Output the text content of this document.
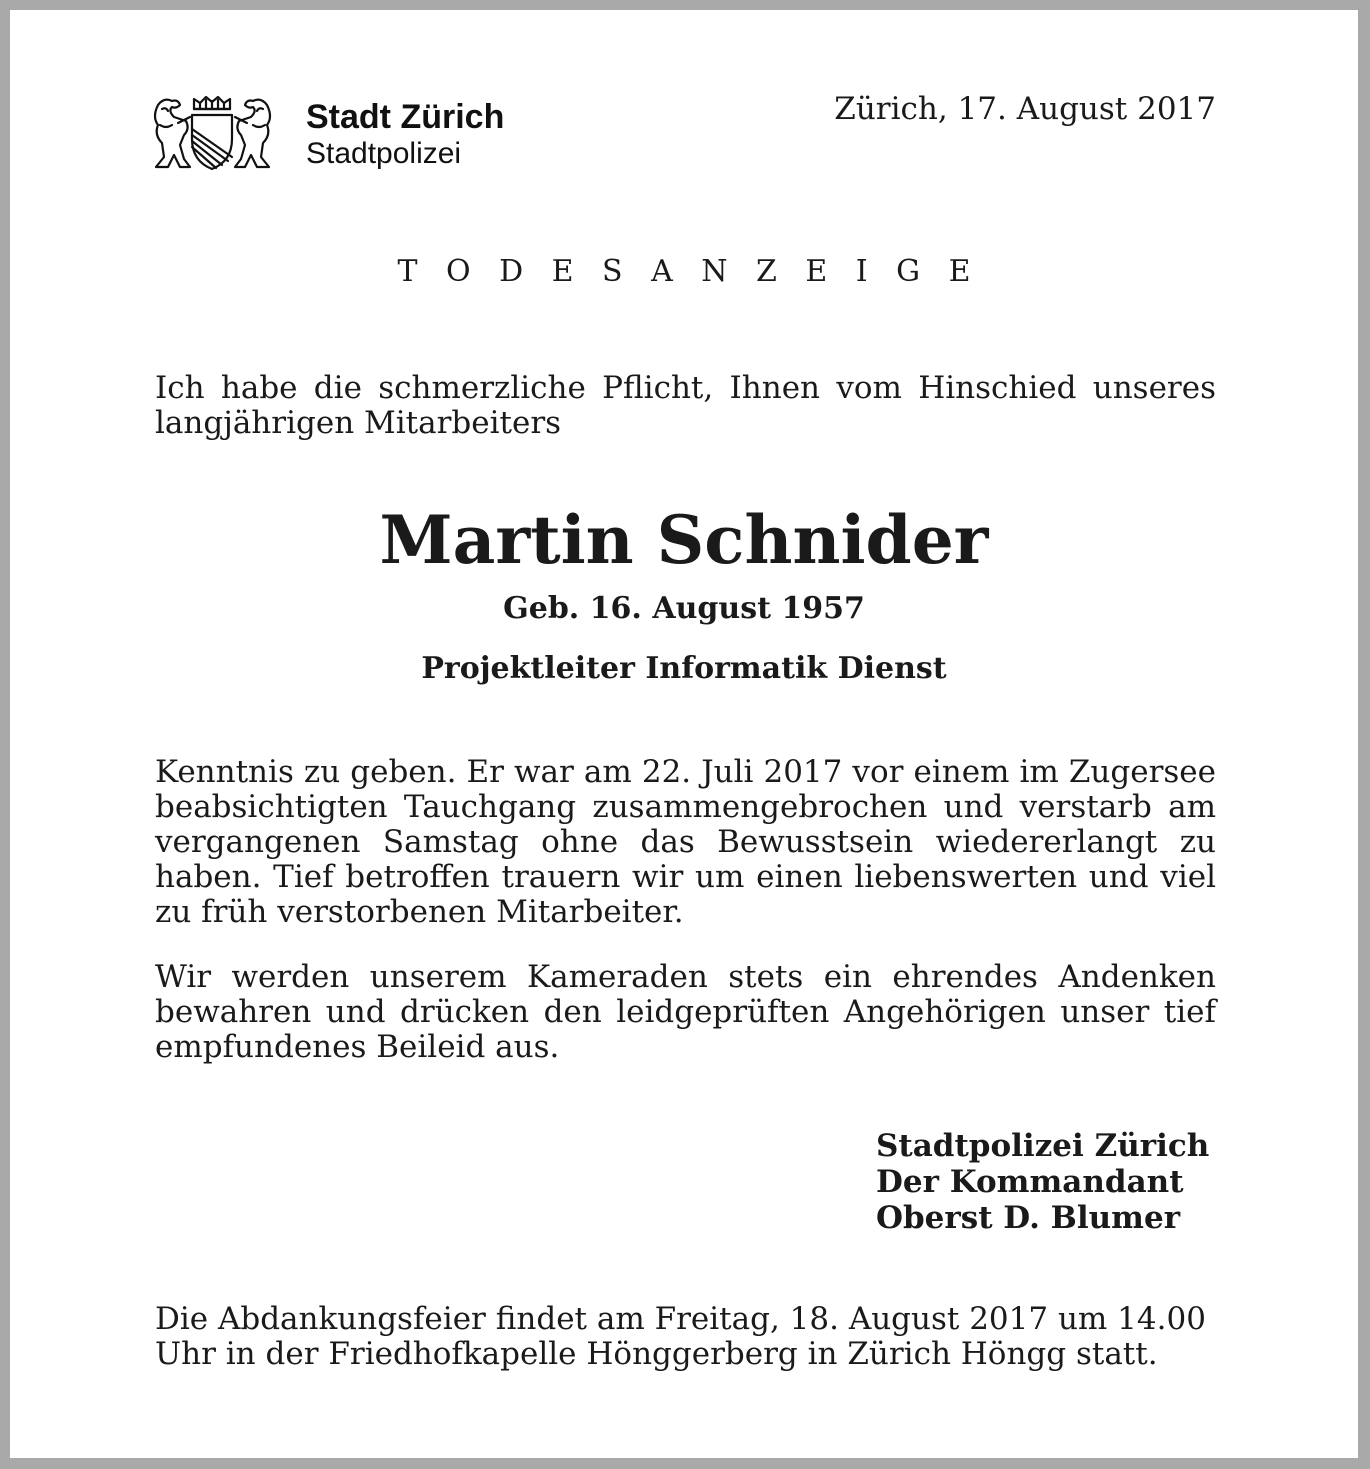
Stadt Zürich
Stadtpolizei
Zürich, 17. August 2017
TODESANZEIGE
Ich habe die schmerzliche Pflicht, Ihnen vom Hinschied unseres langjährigen Mitarbeiters
Martin Schnider
Geb. 16. August 1957
Projektleiter Informatik Dienst
Kenntnis zu geben. Er war am 22. Juli 2017 vor einem im Zugersee beabsichtigten Tauchgang zusammengebrochen und verstarb am vergangenen Samstag ohne das Bewusstsein wiedererlangt zu haben. Tief betroffen trauern wir um einen liebenswerten und viel zu früh verstorbenen Mitarbeiter.
Wir werden unserem Kameraden stets ein ehrendes Andenken bewahren und drücken den leidgeprüften Angehörigen unser tief empfundenes Beileid aus.
Stadtpolizei Zürich
Der Kommandant
Oberst D. Blumer
Die Abdankungsfeier findet am Freitag, 18. August 2017 um 14.00 Uhr in der Friedhofkapelle Hönggerberg in Zürich Höngg statt.
